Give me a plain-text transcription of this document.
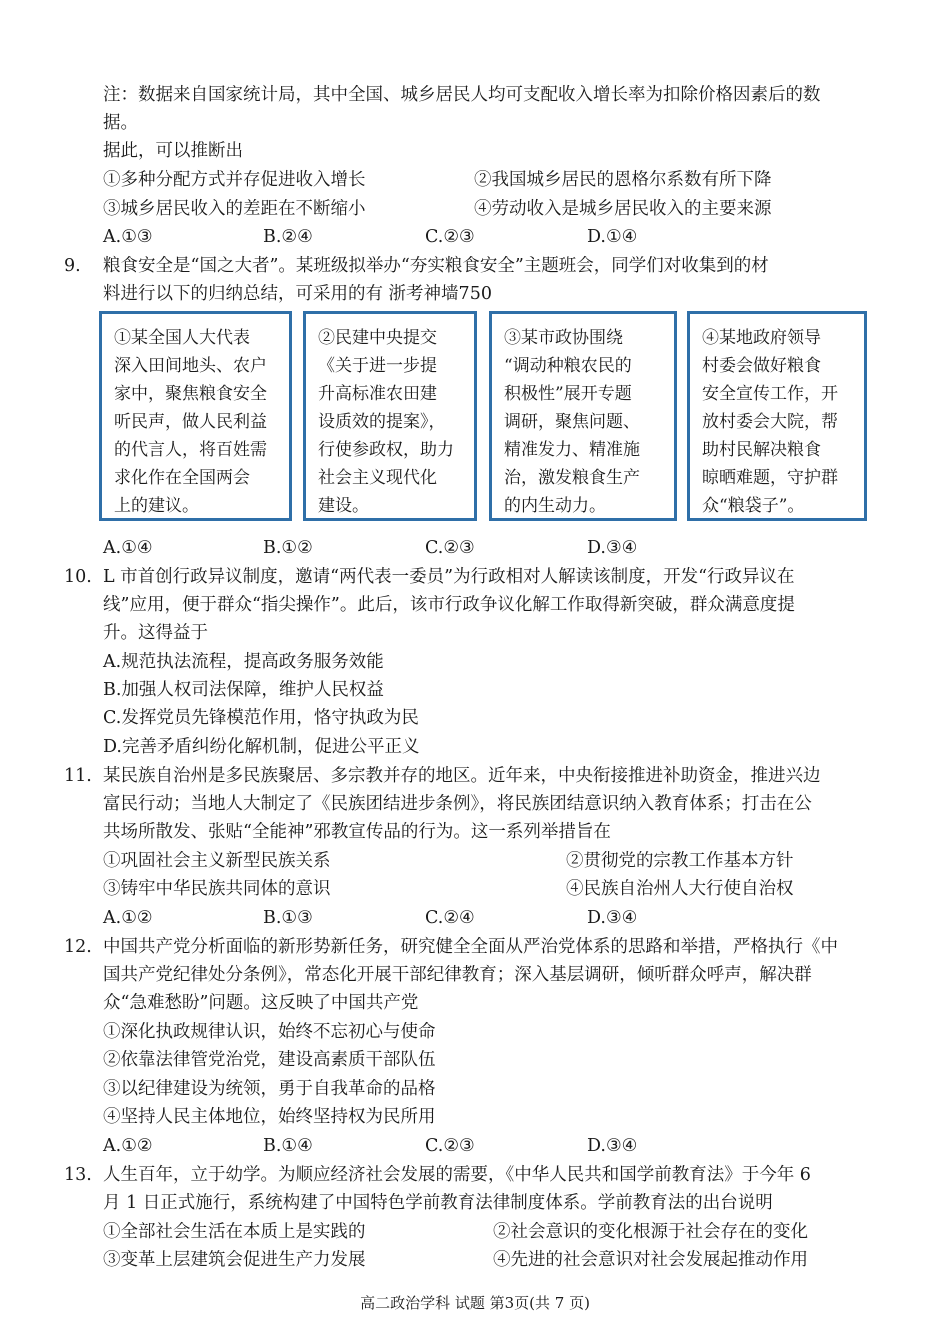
注：数据来自国家统计局，其中全国、城乡居民人均可支配收入增长率为扣除价格因素后的数
据。
据此，可以推断出
①多种分配方式并存促进收入增长	②我国城乡居民的恩格尔系数有所下降
③城乡居民收入的差距在不断缩小	④劳动收入是城乡居民收入的主要来源
A.①③	B.②④	C.②③	D.①④
9. 粮食安全是“国之大者”。某班级拟举办“夯实粮食安全”主题班会，同学们对收集到的材
料进行以下的归纳总结，可采用的有 浙考神墙750
①某全国人大代表
深入田间地头、农户
家中，聚焦粮食安全
听民声，做人民利益
的代言人，将百姓需
求化作在全国两会
上的建议。
②民建中央提交
《关于进一步提
升高标准农田建
设质效的提案》，
行使参政权，助力
社会主义现代化
建设。
③某市政协围绕
“调动种粮农民的
积极性”展开专题
调研，聚焦问题、
精准发力、精准施
治，激发粮食生产
的内生动力。
④某地政府领导
村委会做好粮食
安全宣传工作，开
放村委会大院，帮
助村民解决粮食
晾晒难题，守护群
众“粮袋子”。
A.①④	B.①②	C.②③	D.③④
10. L 市首创行政异议制度，邀请“两代表一委员”为行政相对人解读该制度，开发“行政异议在
线”应用，便于群众“指尖操作”。此后，该市行政争议化解工作取得新突破，群众满意度提
升。这得益于
A.规范执法流程，提高政务服务效能
B.加强人权司法保障，维护人民权益
C.发挥党员先锋模范作用，恪守执政为民
D.完善矛盾纠纷化解机制，促进公平正义
11. 某民族自治州是多民族聚居、多宗教并存的地区。近年来，中央衔接推进补助资金，推进兴边
富民行动；当地人大制定了《民族团结进步条例》，将民族团结意识纳入教育体系；打击在公
共场所散发、张贴“全能神”邪教宣传品的行为。这一系列举措旨在
①巩固社会主义新型民族关系	②贯彻党的宗教工作基本方针
③铸牢中华民族共同体的意识	④民族自治州人大行使自治权
A.①②	B.①③	C.②④	D.③④
12. 中国共产党分析面临的新形势新任务，研究健全全面从严治党体系的思路和举措，严格执行《中
国共产党纪律处分条例》，常态化开展干部纪律教育；深入基层调研，倾听群众呼声，解决群
众“急难愁盼”问题。这反映了中国共产党
①深化执政规律认识，始终不忘初心与使命
②依靠法律管党治党，建设高素质干部队伍
③以纪律建设为统领，勇于自我革命的品格
④坚持人民主体地位，始终坚持权为民所用
A.①②	B.①④	C.②③	D.③④
13. 人生百年，立于幼学。为顺应经济社会发展的需要，《中华人民共和国学前教育法》于今年 6
月 1 日正式施行，系统构建了中国特色学前教育法律制度体系。学前教育法的出台说明
①全部社会生活在本质上是实践的	②社会意识的变化根源于社会存在的变化
③变革上层建筑会促进生产力发展	④先进的社会意识对社会发展起推动作用
高二政治学科 试题 第3页(共 7 页)
